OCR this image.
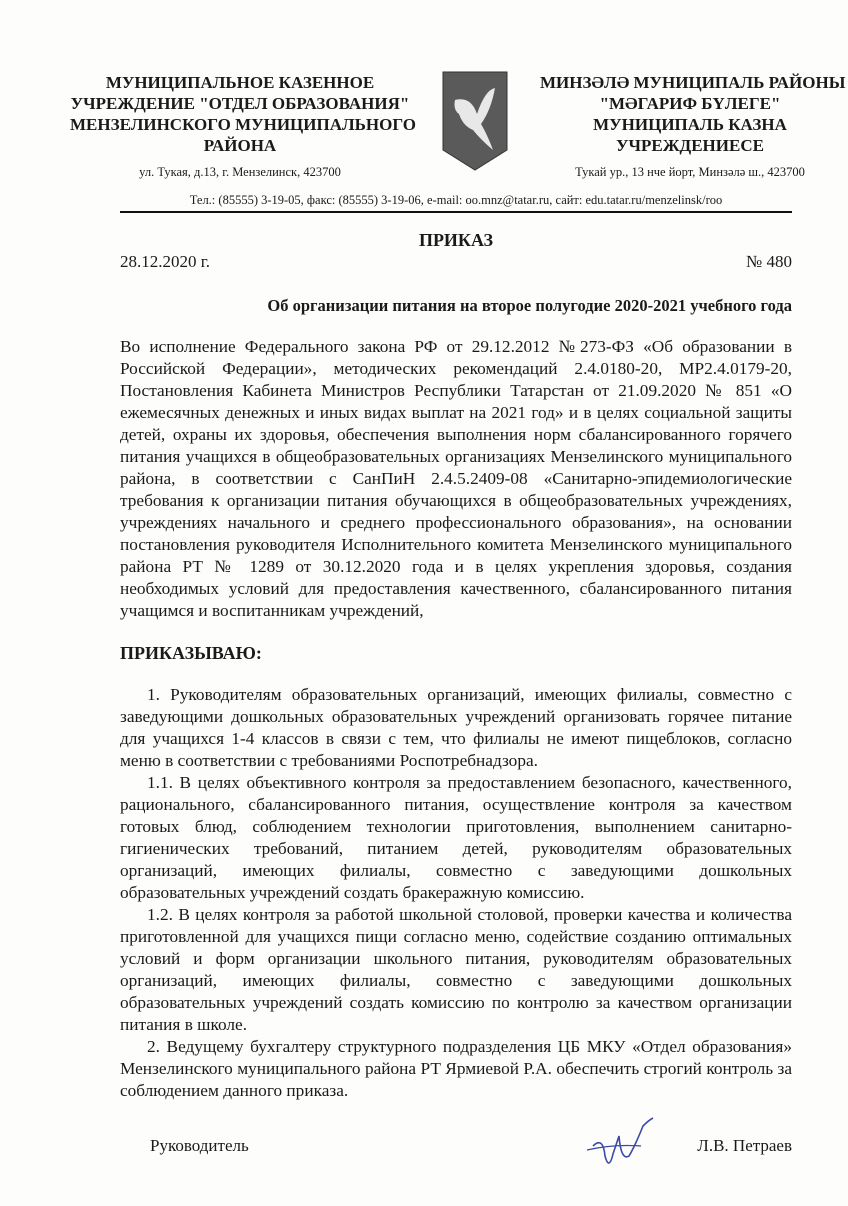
МУНИЦИПАЛЬНОЕ КАЗЕННОЕ
УЧРЕЖДЕНИЕ "ОТДЕЛ ОБРАЗОВАНИЯ"
МЕНЗЕЛИНСКОГО МУНИЦИПАЛЬНОГО
РАЙОНА
ул. Тукая, д.13, г. Мензелинск, 423700
МИНЗӘЛӘ МУНИЦИПАЛЬ РАЙОНЫ
"МӘГАРИФ БҮЛЕГЕ"
МУНИЦИПАЛЬ КАЗНА
УЧРЕЖДЕНИЕСЕ
Тукай ур., 13 нче йорт, Минзәлә ш., 423700
Тел.: (85555) 3-19-05, факс: (85555) 3-19-06, e-mail: oo.mnz@tatar.ru, сайт: edu.tatar.ru/menzelinsk/roo
ПРИКАЗ
28.12.2020 г.	№ 480
Об организации питания на второе полугодие 2020-2021 учебного года
Во исполнение Федерального закона РФ от 29.12.2012 №273-ФЗ «Об образовании в Российской Федерации», методических рекомендаций 2.4.0180-20, МР2.4.0179-20, Постановления Кабинета Министров Республики Татарстан от 21.09.2020 № 851 «О ежемесячных денежных и иных видах выплат на 2021 год» и в целях социальной защиты детей, охраны их здоровья, обеспечения выполнения норм сбалансированного горячего питания учащихся в общеобразовательных организациях Мензелинского муниципального района, в соответствии с СанПиН 2.4.5.2409-08 «Санитарно-эпидемиологические требования к организации питания обучающихся в общеобразовательных учреждениях, учреждениях начального и среднего профессионального образования», на основании постановления руководителя Исполнительного комитета Мензелинского муниципального района РТ № 1289 от 30.12.2020 года и в целях укрепления здоровья, создания необходимых условий для предоставления качественного, сбалансированного питания учащимся и воспитанникам учреждений,
ПРИКАЗЫВАЮ:

1. Руководителям образовательных организаций, имеющих филиалы, совместно с заведующими дошкольных образовательных учреждений организовать горячее питание для учащихся 1-4 классов в связи с тем, что филиалы не имеют пищеблоков, согласно меню в соответствии с требованиями Роспотребнадзора.

1.1. В целях объективного контроля за предоставлением безопасного, качественного, рационального, сбалансированного питания, осуществление контроля за качеством готовых блюд, соблюдением технологии приготовления, выполнением санитарно-гигиенических требований, питанием детей, руководителям образовательных организаций, имеющих филиалы, совместно с заведующими дошкольных образовательных учреждений создать бракеражную комиссию.

1.2. В целях контроля за работой школьной столовой, проверки качества и количества приготовленной для учащихся пищи согласно меню, содействие созданию оптимальных условий и форм организации школьного питания, руководителям образовательных организаций, имеющих филиалы, совместно с заведующими дошкольных образовательных учреждений создать комиссию по контролю за качеством организации питания в школе.

2. Ведущему бухгалтеру структурного подразделения ЦБ МКУ «Отдел образования» Мензелинского муниципального района РТ Ярмиевой Р.А. обеспечить строгий контроль за соблюдением данного приказа.

Руководитель	Л.В. Петраев
